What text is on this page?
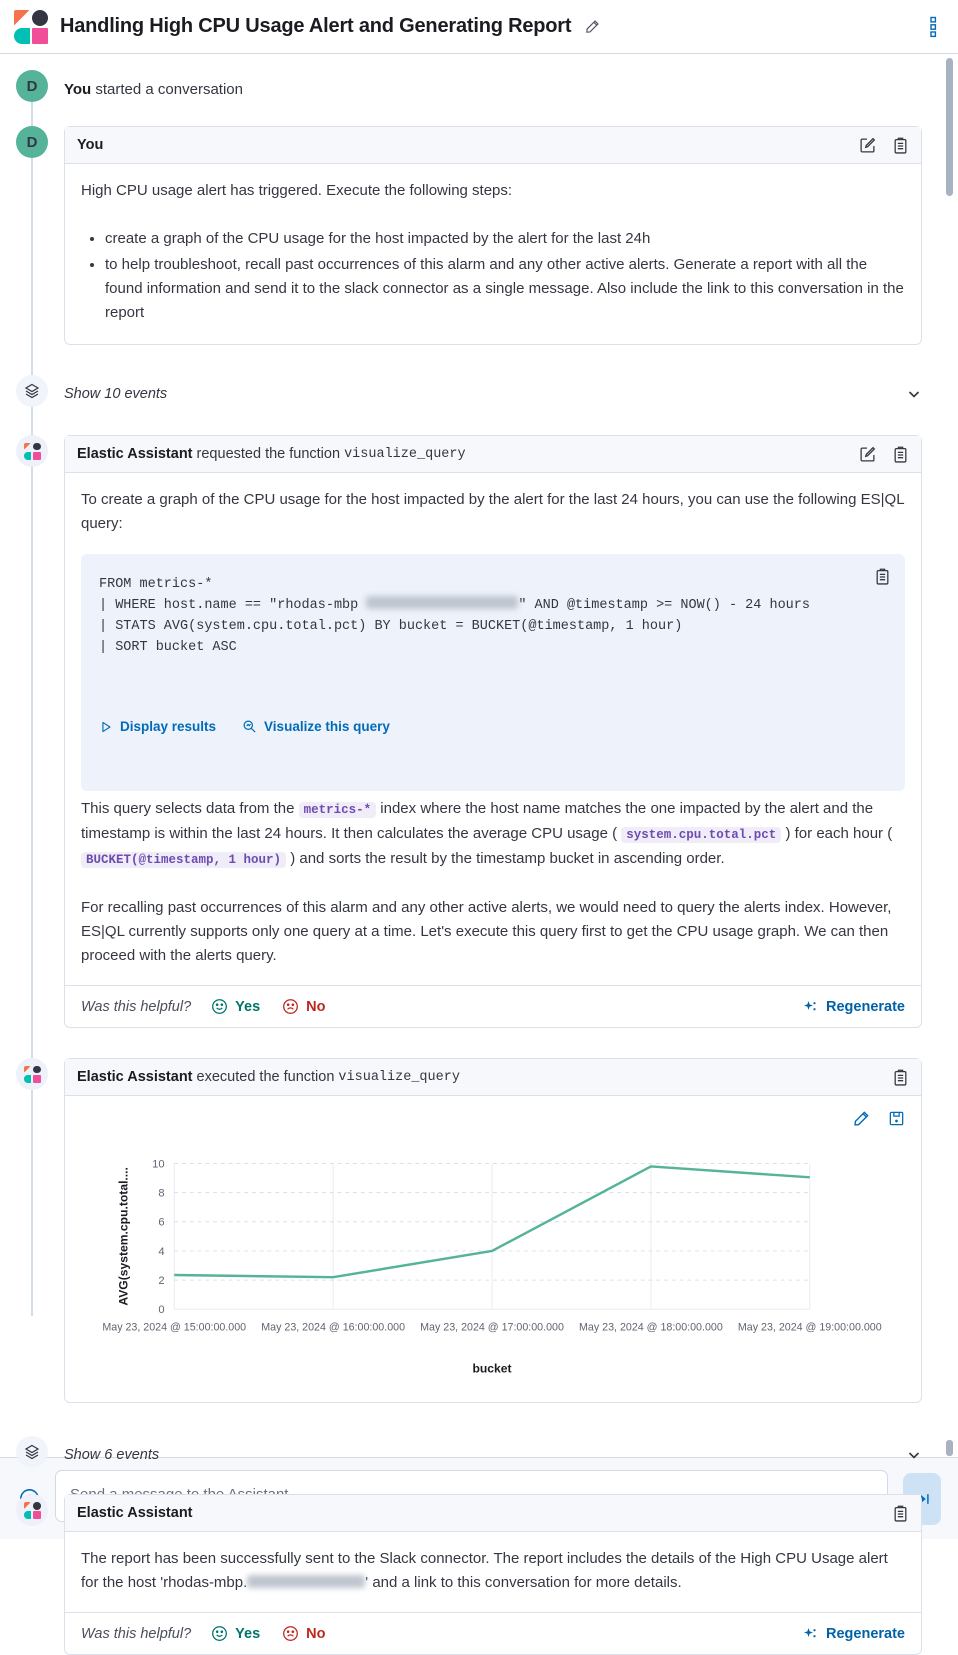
Handling High CPU Usage Alert and Generating Report
D	You started a conversation
D	You

High CPU usage alert has triggered. Execute the following steps:

• create a graph of the CPU usage for the host impacted by the alert for the last 24h
• to help troubleshoot, recall past occurrences of this alarm and any other active alerts. Generate a report with all the found information and send it to the slack connector as a single message. Also include the link to this conversation in the report
Show 10 events
Elastic Assistant requested the function visualize_query

To create a graph of the CPU usage for the host impacted by the alert for the last 24 hours, you can use the following ES|QL query:

FROM metrics-*
| WHERE host.name == "rhodas-mbp	" AND @timestamp >= NOW() - 24 hours
| STATS AVG(system.cpu.total.pct) BY bucket = BUCKET(@timestamp, 1 hour)
| SORT bucket ASC

Display results	Visualize this query

This query selects data from the metrics-* index where the host name matches the one impacted by the alert and the timestamp is within the last 24 hours. It then calculates the average CPU usage ( system.cpu.total.pct ) for each hour ( BUCKET(@timestamp, 1 hour) ) and sorts the result by the timestamp bucket in ascending order.

For recalling past occurrences of this alarm and any other active alerts, we would need to query the alerts index. However, ES|QL currently supports only one query at a time. Let's execute this query first to get the CPU usage graph. We can then proceed with the alerts query.

Was this helpful?	Yes	No	Regenerate
Elastic Assistant executed the function visualize_query
May 23, 2024 @ 15:00:00.000 May 23, 2024 @ 16:00:00.000 May 23, 2024 @ 17:00:00.000 May 23, 2024 @ 18:00:00.000 May 23, 2024 @ 19:00:00.000
0
2
4
6
8
10
AVG(system.cpu.total....
bucket
Show 6 events
Elastic Assistant

The report has been successfully sent to the Slack connector. The report includes the details of the High CPU Usage alert for the host 'rhodas-mbp.	' and a link to this conversation for more details.

Was this helpful?	Yes	No	Regenerate
Send a message to the Assistant
